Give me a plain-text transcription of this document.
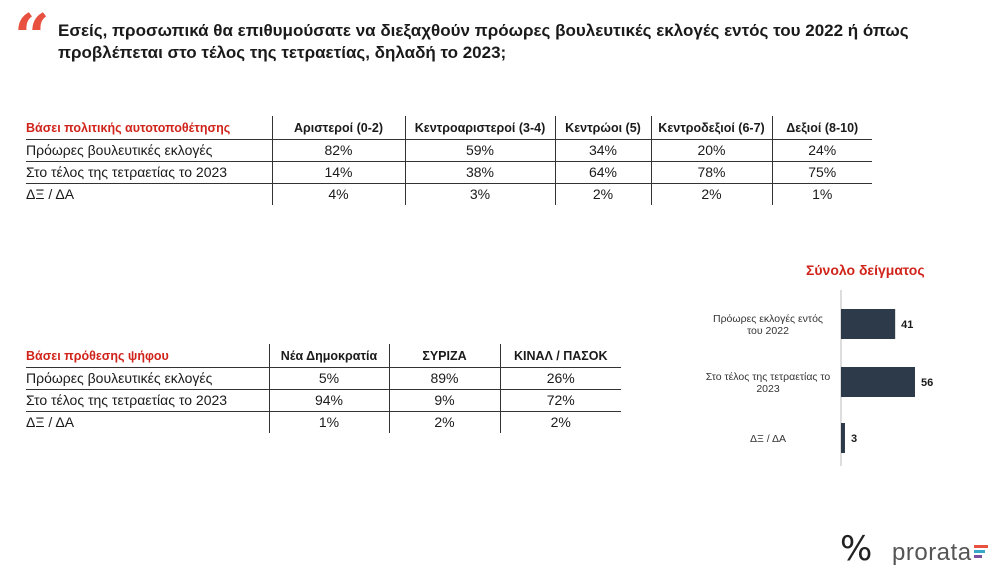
“ Εσείς, προσωπικά θα επιθυμούσατε να διεξαχθούν πρόωρες βουλευτικές εκλογές εντός του 2022 ή όπως προβλέπεται στο τέλος της τετραετίας, δηλαδή το 2023;
Βάσει πολιτικής αυτοτοποθέτησης	Αριστεροί (0-2)	Κεντροαριστεροί (3-4)	Κεντρώοι (5)	Κεντροδεξιοί (6-7)	Δεξιοί (8-10)
Πρόωρες βουλευτικές εκλογές	82%	59%	34%	20%	24%
Στο τέλος της τετραετίας το 2023	14%	38%	64%	78%	75%
ΔΞ / ΔΑ	4%	3%	2%	2%	1%
Βάσει πρόθεσης ψήφου	Νέα Δημοκρατία	ΣΥΡΙΖΑ	ΚΙΝΑΛ / ΠΑΣΟΚ
Πρόωρες βουλευτικές εκλογές	5%	89%	26%
Στο τέλος της τετραετίας το 2023	94%	9%	72%
ΔΞ / ΔΑ	1%	2%	2%
Σύνολο δείγματος
41
Πρόωρες εκλογές εντός του 2022
56
Στο τέλος της τετραετίας το 2023
3
ΔΞ / ΔΑ
% prorata
